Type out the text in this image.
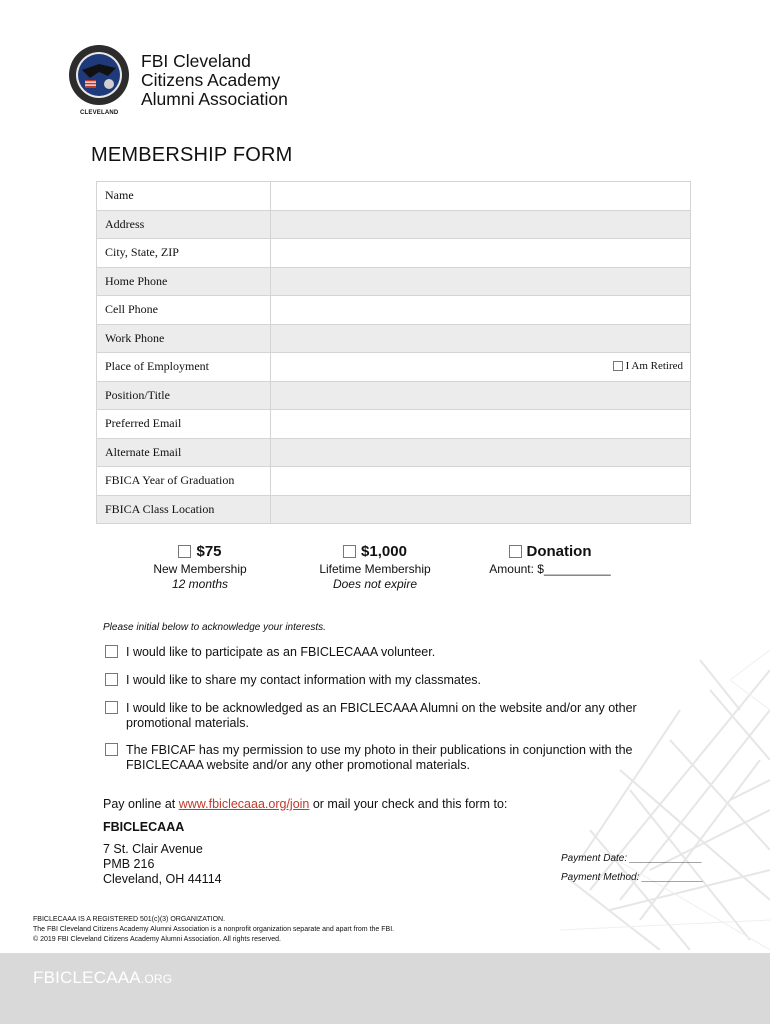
CLEVELAND
FBI Cleveland
Citizens Academy
Alumni Association
MEMBERSHIP FORM
Name	
Address	
City, State, ZIP	
Home Phone	
Cell Phone	
Work Phone	
Place of Employment	I Am Retired

Position/Title	
Preferred Email	
Alternate Email	
FBICA Year of Graduation	
FBICA Class Location	
$75
New Membership
12 months
$1,000
Lifetime Membership
Does not expire
Donation
Amount: $__________
Please initial below to acknowledge your interests.
I would like to participate as an FBICLECAAA volunteer.
I would like to share my contact information with my classmates.
I would like to be acknowledged as an FBICLECAAA Alumni on the website and/or any other
promotional materials.
The FBICAF has my permission to use my photo in their publications in conjunction with the
FBICLECAAA website and/or any other promotional materials.
Pay online at www.fbiclecaaa.org/join or mail your check and this form to:
FBICLECAAA
7 St. Clair Avenue
PMB 216
Cleveland, OH 44114
Payment Date: _____________
Payment Method: ___________
FBICLECAAA IS A REGISTERED 501(c)(3) ORGANIZATION.
The FBI Cleveland Citizens Academy Alumni Association is a nonprofit organization separate and apart from the FBI.
© 2019 FBI Cleveland Citizens Academy Alumni Association. All rights reserved.
FBICLECAAA.ORG
